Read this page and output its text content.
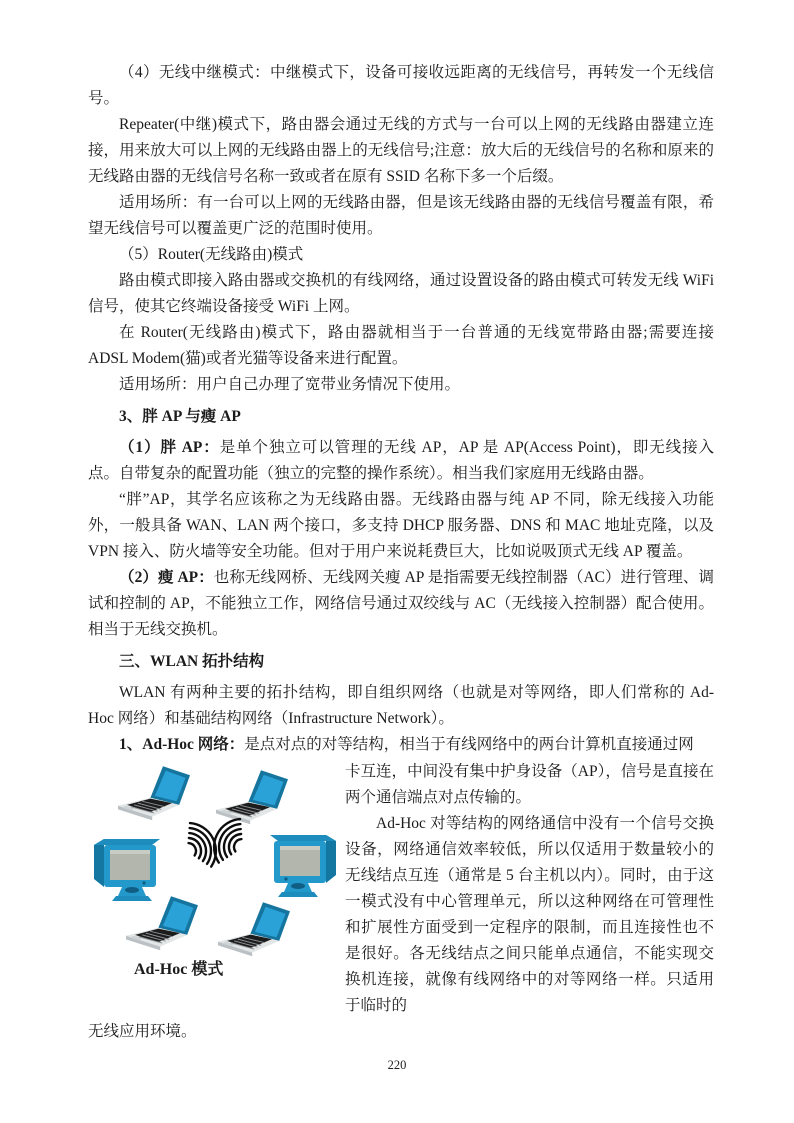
（4）无线中继模式：中继模式下，设备可接收远距离的无线信号，再转发一个无线信号。

Repeater(中继)模式下，路由器会通过无线的方式与一台可以上网的无线路由器建立连接，用来放大可以上网的无线路由器上的无线信号;注意：放大后的无线信号的名称和原来的无线路由器的无线信号名称一致或者在原有 SSID 名称下多一个后缀。

适用场所：有一台可以上网的无线路由器，但是该无线路由器的无线信号覆盖有限，希望无线信号可以覆盖更广泛的范围时使用。

（5）Router(无线路由)模式

路由模式即接入路由器或交换机的有线网络，通过设置设备的路由模式可转发无线 WiFi 信号，使其它终端设备接受 WiFi 上网。

在 Router(无线路由)模式下，路由器就相当于一台普通的无线宽带路由器;需要连接 ADSL Modem(猫)或者光猫等设备来进行配置。

适用场所：用户自己办理了宽带业务情况下使用。

3、胖 AP 与瘦 AP

（1）胖 AP：是单个独立可以管理的无线 AP，AP 是 AP(Access Point)，即无线接入点。自带复杂的配置功能（独立的完整的操作系统）。相当我们家庭用无线路由器。

“胖”AP，其学名应该称之为无线路由器。无线路由器与纯 AP 不同，除无线接入功能外，一般具备 WAN、LAN 两个接口，多支持 DHCP 服务器、DNS 和 MAC 地址克隆，以及 VPN 接入、防火墙等安全功能。但对于用户来说耗费巨大，比如说吸顶式无线 AP 覆盖。

（2）瘦 AP：也称无线网桥、无线网关瘦 AP 是指需要无线控制器（AC）进行管理、调试和控制的 AP，不能独立工作，网络信号通过双绞线与 AC（无线接入控制器）配合使用。相当于无线交换机。

三、WLAN 拓扑结构

WLAN 有两种主要的拓扑结构，即自组织网络（也就是对等网络，即人们常称的 Ad-Hoc 网络）和基础结构网络（Infrastructure Network）。

1、Ad-Hoc 网络：是点对点的对等结构，相当于有线网络中的两台计算机直接通过网

Ad-Hoc 模式

卡互连，中间没有集中护身设备（AP），信号是直接在两个通信端点对点传输的。

Ad-Hoc 对等结构的网络通信中没有一个信号交换设备，网络通信效率较低，所以仅适用于数量较小的无线结点互连（通常是 5 台主机以内）。同时，由于这一模式没有中心管理单元，所以这种网络在可管理性和扩展性方面受到一定程序的限制，而且连接性也不是很好。各无线结点之间只能单点通信，不能实现交换机连接，就像有线网络中的对等网络一样。只适用于临时的

无线应用环境。

220
